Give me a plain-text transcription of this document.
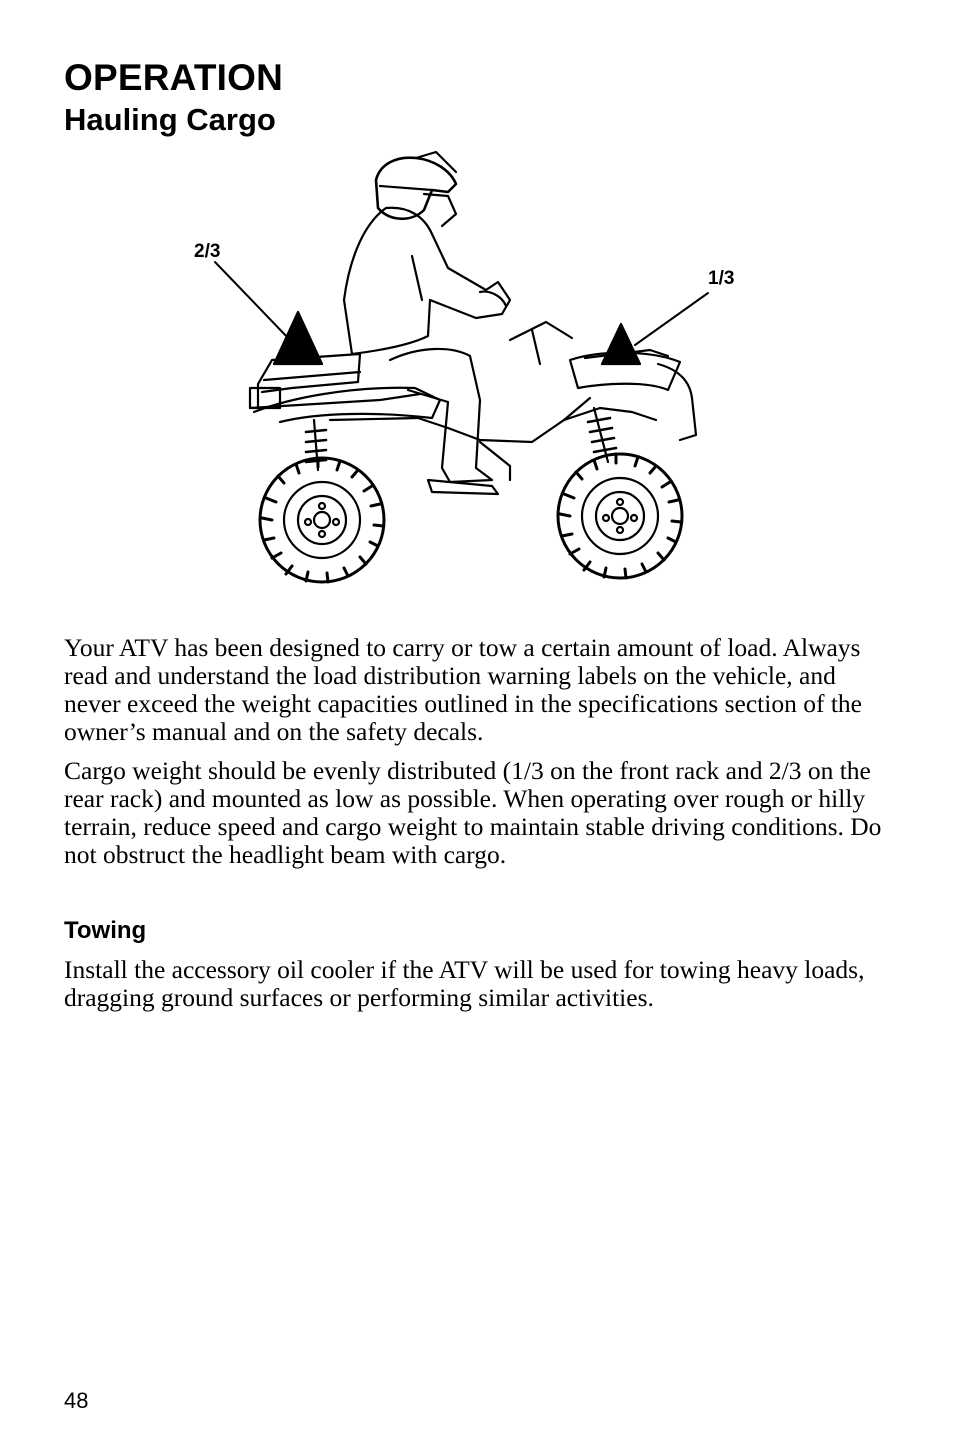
OPERATION
Hauling Cargo
2/3
1/3

Your ATV has been designed to carry or tow a certain amount of load. Always read and understand the load distribution warning labels on the vehicle, and never exceed the weight capacities outlined in the specifications section of the owner’s manual and on the safety decals.

Cargo weight should be evenly distributed (1/3 on the front rack and 2/3 on the rear rack) and mounted as low as possible. When operating over rough or hilly terrain, reduce speed and cargo weight to maintain stable driving conditions. Do not obstruct the headlight beam with cargo.

Towing

Install the accessory oil cooler if the ATV will be used for towing heavy loads, dragging ground surfaces or performing similar activities.

48
